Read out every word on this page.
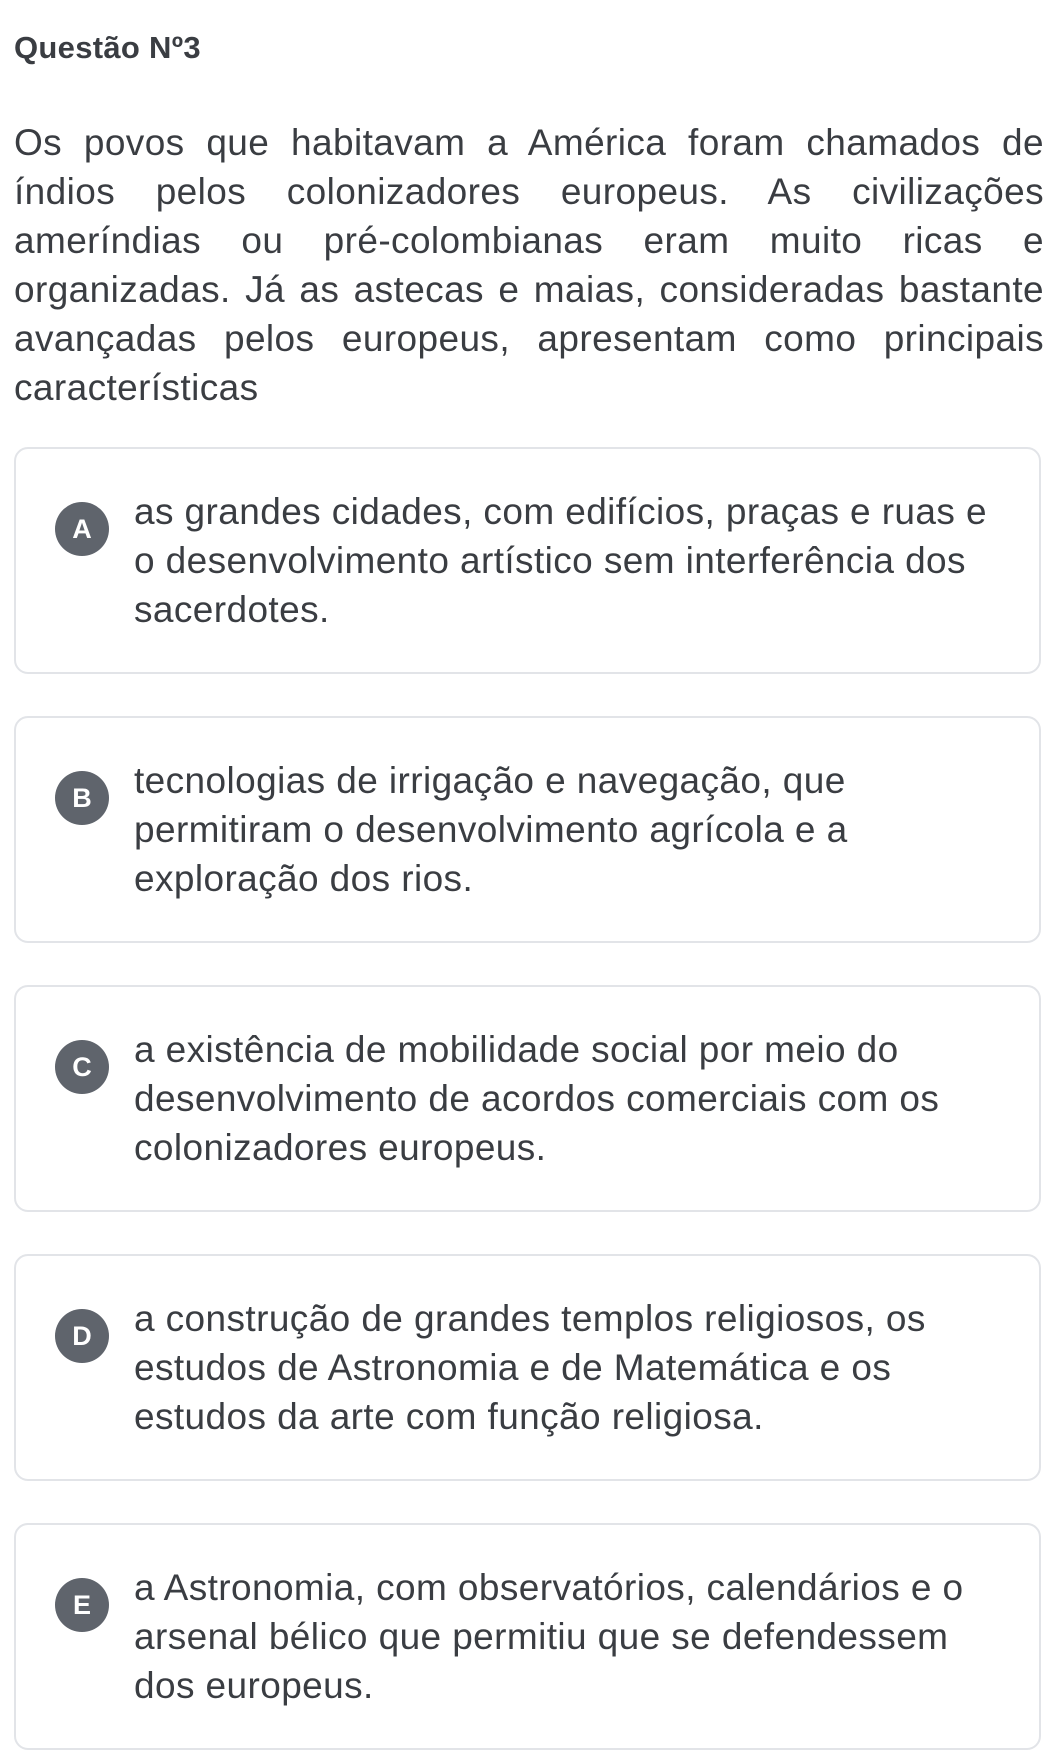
Questão Nº3
Os povos que habitavam a América foram chamados de índios pelos colonizadores europeus. As civilizações ameríndias ou pré-colombianas eram muito ricas e organizadas. Já as astecas e maias, consideradas bastante avançadas pelos europeus, apresentam como principais características
A	as grandes cidades, com edifícios, praças e ruas e o desenvolvimento artístico sem interferência dos sacerdotes.
B	tecnologias de irrigação e navegação, que permitiram o desenvolvimento agrícola e a exploração dos rios.
C	a existência de mobilidade social por meio do desenvolvimento de acordos comerciais com os colonizadores europeus.
D	a construção de grandes templos religiosos, os estudos de Astronomia e de Matemática e os estudos da arte com função religiosa.
E	a Astronomia, com observatórios, calendários e o arsenal bélico que permitiu que se defendessem dos europeus.
